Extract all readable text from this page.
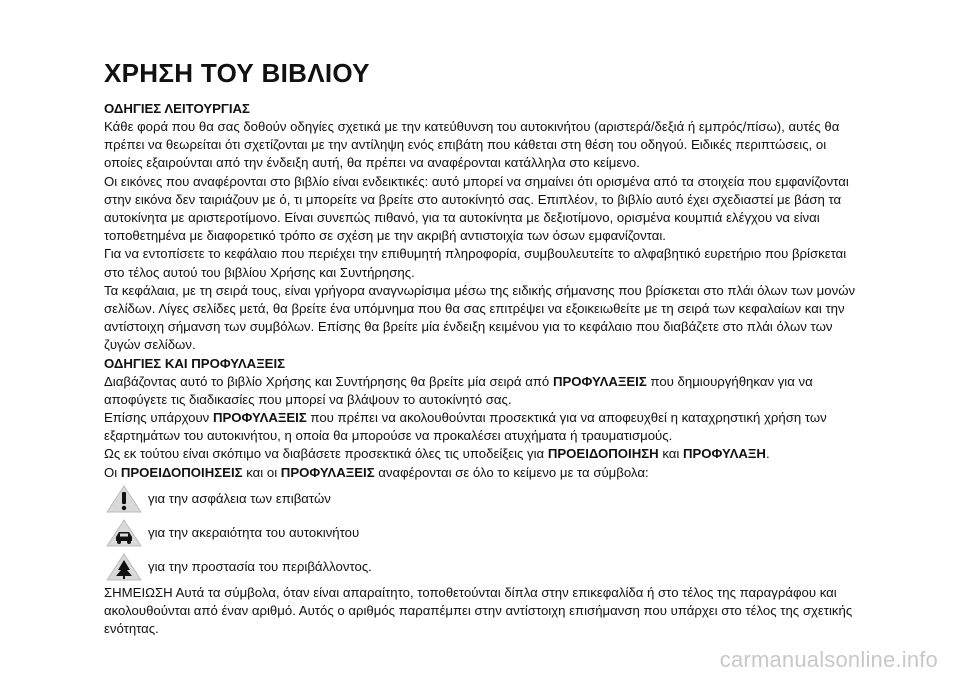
ΧΡΗΣΗ ΤΟΥ ΒΙΒΛΙΟΥ
ΟΔΗΓΙΕΣ ΛΕΙΤΟΥΡΓΙΑΣ

Κάθε φορά που θα σας δοθούν οδηγίες σχετικά με την κατεύθυνση του αυτοκινήτου (αριστερά/δεξιά ή εμπρός/πίσω), αυτές θα πρέπει να θεωρείται ότι σχετίζονται με την αντίληψη ενός επιβάτη που κάθεται στη θέση του οδηγού. Ειδικές περιπτώσεις, οι οποίες εξαιρούνται από την ένδειξη αυτή, θα πρέπει να αναφέρονται κατάλληλα στο κείμενο.

Οι εικόνες που αναφέρονται στο βιβλίο είναι ενδεικτικές: αυτό μπορεί να σημαίνει ότι ορισμένα από τα στοιχεία που εμφανίζονται στην εικόνα δεν ταιριάζουν με ό, τι μπορείτε να βρείτε στο αυτοκίνητό σας. Επιπλέον, το βιβλίο αυτό έχει σχεδιαστεί με βάση τα αυτοκίνητα με αριστεροτίμονο. Είναι συνεπώς πιθανό, για τα αυτοκίνητα με δεξιοτίμονο, ορισμένα κουμπιά ελέγχου να είναι τοποθετημένα με διαφορετικό τρόπο σε σχέση με την ακριβή αντιστοιχία των όσων εμφανίζονται.

Για να εντοπίσετε το κεφάλαιο που περιέχει την επιθυμητή πληροφορία, συμβουλευτείτε το αλφαβητικό ευρετήριο που βρίσκεται στο τέλος αυτού του βιβλίου Χρήσης και Συντήρησης.

Τα κεφάλαια, με τη σειρά τους, είναι γρήγορα αναγνωρίσιμα μέσω της ειδικής σήμανσης που βρίσκεται στο πλάι όλων των μονών σελίδων. Λίγες σελίδες μετά, θα βρείτε ένα υπόμνημα που θα σας επιτρέψει να εξοικειωθείτε με τη σειρά των κεφαλαίων και την αντίστοιχη σήμανση των συμβόλων. Επίσης θα βρείτε μία ένδειξη κειμένου για το κεφάλαιο που διαβάζετε στο πλάι όλων των ζυγών σελίδων.

ΟΔΗΓΙΕΣ ΚΑΙ ΠΡΟΦΥΛΑΞΕΙΣ

Διαβάζοντας αυτό το βιβλίο Χρήσης και Συντήρησης θα βρείτε μία σειρά από ΠΡΟΦΥΛΑΞΕΙΣ που δημιουργήθηκαν για να αποφύγετε τις διαδικασίες που μπορεί να βλάψουν το αυτοκίνητό σας.

Επίσης υπάρχουν ΠΡΟΦΥΛΑΞΕΙΣ που πρέπει να ακολουθούνται προσεκτικά για να αποφευχθεί η καταχρηστική χρήση των εξαρτημάτων του αυτοκινήτου, η οποία θα μπορούσε να προκαλέσει ατυχήματα ή τραυματισμούς.

Ως εκ τούτου είναι σκόπιμο να διαβάσετε προσεκτικά όλες τις υποδείξεις για ΠΡΟΕΙΔΟΠΟΙΗΣΗ και ΠΡΟΦΥΛΑΞΗ.

Οι ΠΡΟΕΙΔΟΠΟΙΗΣΕΙΣ και οι ΠΡΟΦΥΛΑΞΕΙΣ αναφέρονται σε όλο το κείμενο με τα σύμβολα:

για την ασφάλεια των επιβατών
για την ακεραιότητα του αυτοκινήτου
για την προστασία του περιβάλλοντος.

ΣΗΜΕΙΩΣΗ Αυτά τα σύμβολα, όταν είναι απαραίτητο, τοποθετούνται δίπλα στην επικεφαλίδα ή στο τέλος της παραγράφου και ακολουθούνται από έναν αριθμό. Αυτός ο αριθμός παραπέμπει στην αντίστοιχη επισήμανση που υπάρχει στο τέλος της σχετικής ενότητας.

carmanualsonline.info
